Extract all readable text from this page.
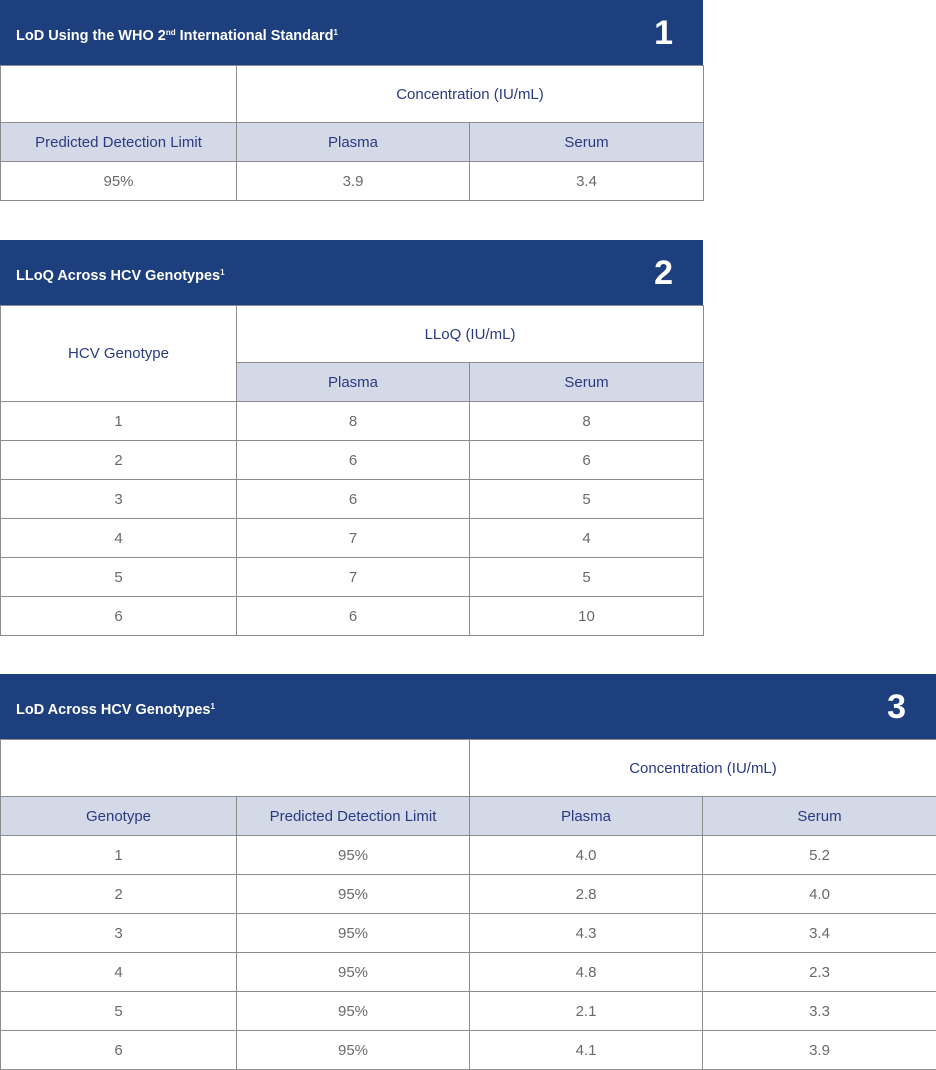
LoD Using the WHO 2nd International Standard$^1$	1
	Concentration (IU/mL)	
Predicted Detection Limit	Plasma	Serum
95%	3.9	3.4
LLoQ Across HCV Genotypes$^1$	2
HCV Genotype	LLoQ (IU/mL)	
	Plasma	Serum
1	8	8
2	6	6
3	6	5
4	7	4
5	7	5
6	6	10
LoD Across HCV Genotypes$^1$	3
		Concentration (IU/mL)	
Genotype	Predicted Detection Limit	Plasma	Serum
1	95%	4.0	5.2
2	95%	2.8	4.0
3	95%	4.3	3.4
4	95%	4.8	2.3
5	95%	2.1	3.3
6	95%	4.1	3.9
